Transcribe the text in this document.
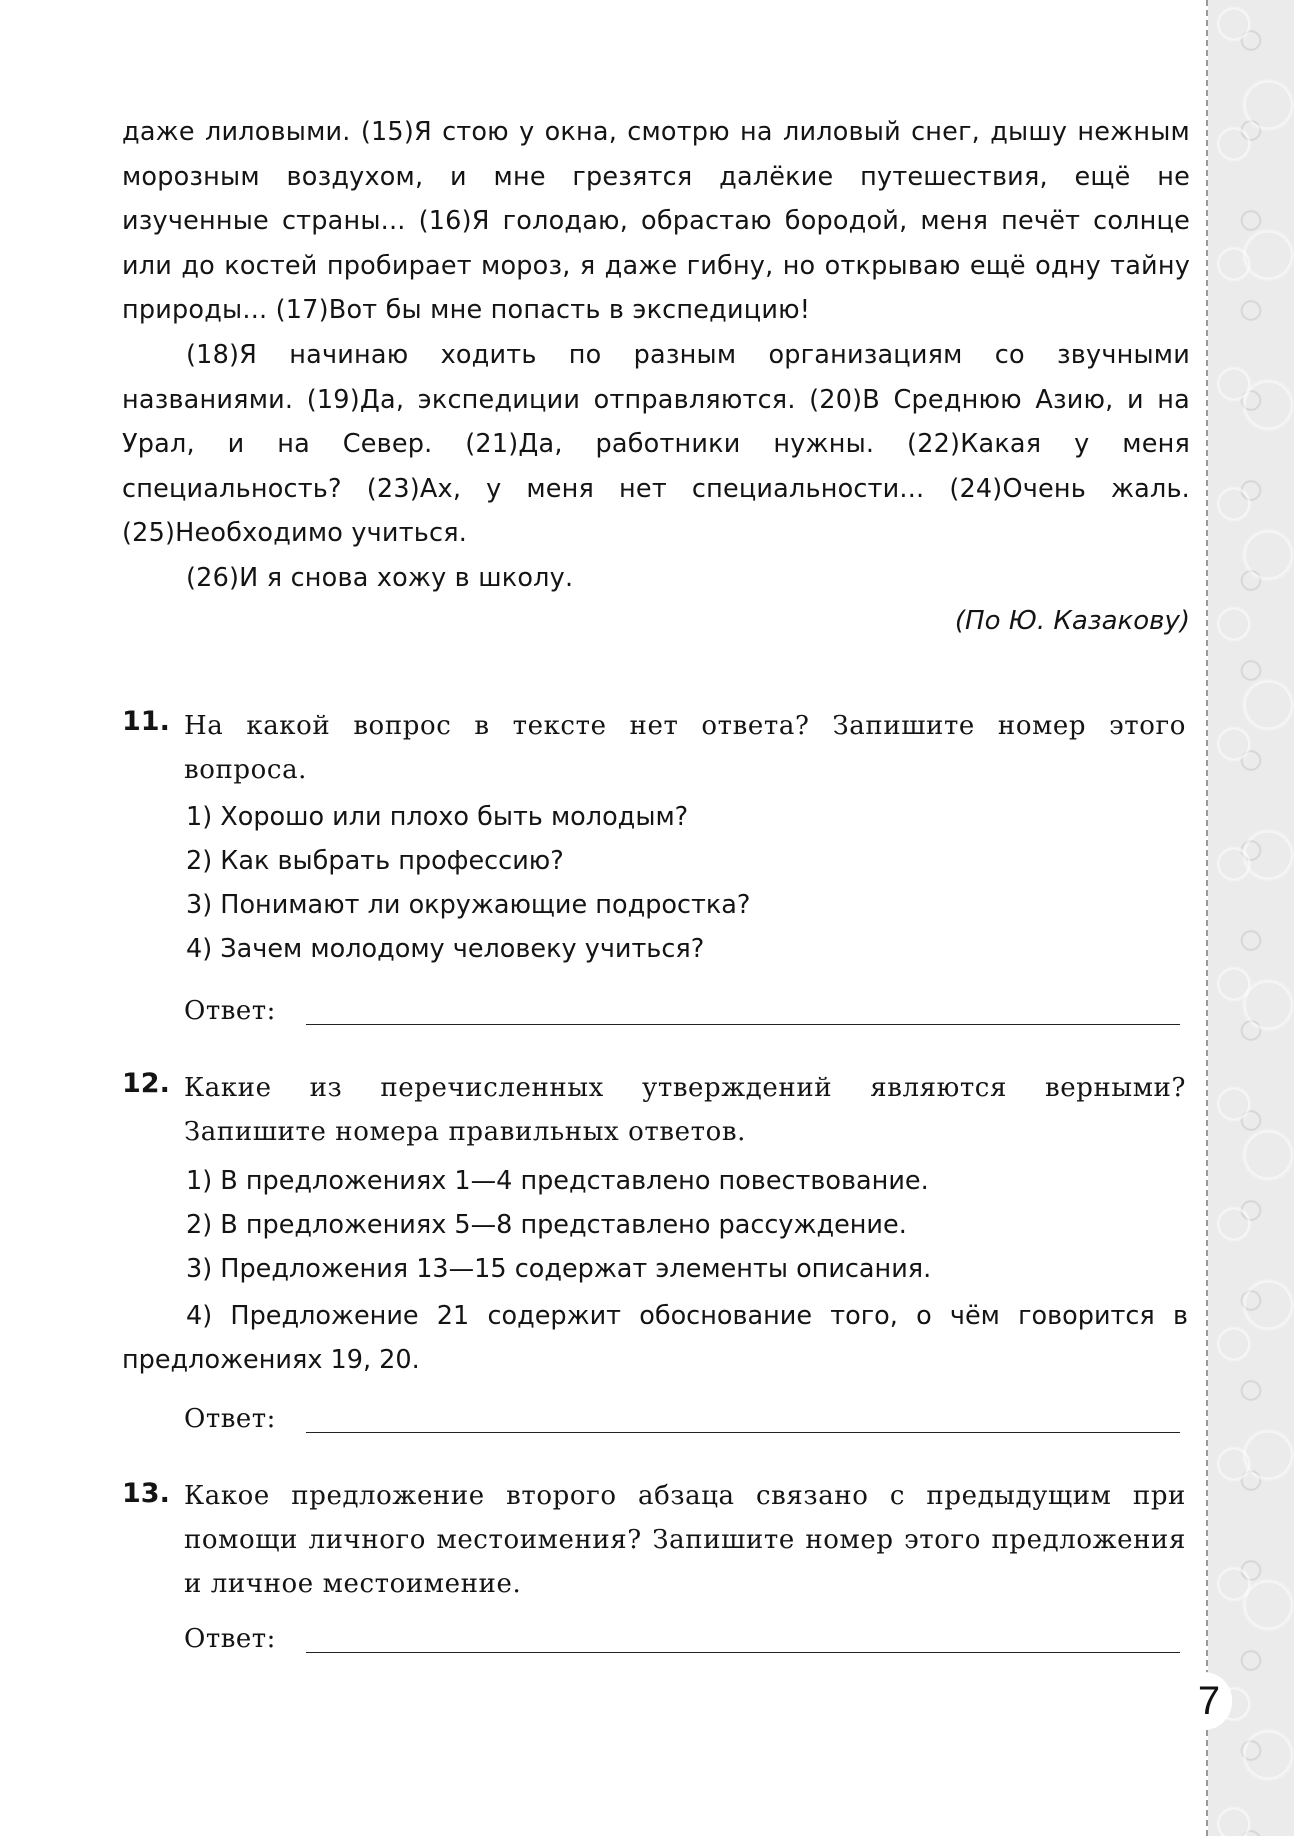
7

даже лиловыми. (15)Я стою у окна, смотрю на лиловый снег, дышу нежным морозным воздухом, и мне грезятся далёкие путешествия, ещё не изученные страны... (16)Я голодаю, обрастаю бородой, меня печёт солнце или до костей пробирает мороз, я даже гибну, но открываю ещё одну тайну природы... (17)Вот бы мне попасть в экспедицию!

(18)Я начинаю ходить по разным организациям со звучными названиями. (19)Да, экспедиции отправляются. (20)В Среднюю Азию, и на Урал, и на Север. (21)Да, работники нужны. (22)Какая у меня специальность? (23)Ах, у меня нет специальности... (24)Очень жаль. (25)Необходимо учиться.

(26)И я снова хожу в школу.

(По Ю. Казакову)
11. На какой вопрос в тексте нет ответа? Запишите номер этого вопроса.
1) Хорошо или плохо быть молодым?
2) Как выбрать профессию?
3) Понимают ли окружающие подростка?
4) Зачем молодому человеку учиться?
Ответ:
12. Какие из перечисленных утверждений являются верными? Запишите номера правильных ответов.
1) В предложениях 1—4 представлено повествование.
2) В предложениях 5—8 представлено рассуждение.
3) Предложения 13—15 содержат элементы описания.
4) Предложение 21 содержит обоснование того, о чём говорится в предложениях 19, 20.
Ответ:
13. Какое предложение второго абзаца связано с предыдущим при помощи личного местоимения? Запишите номер этого предложения и личное местоимение.
Ответ:
